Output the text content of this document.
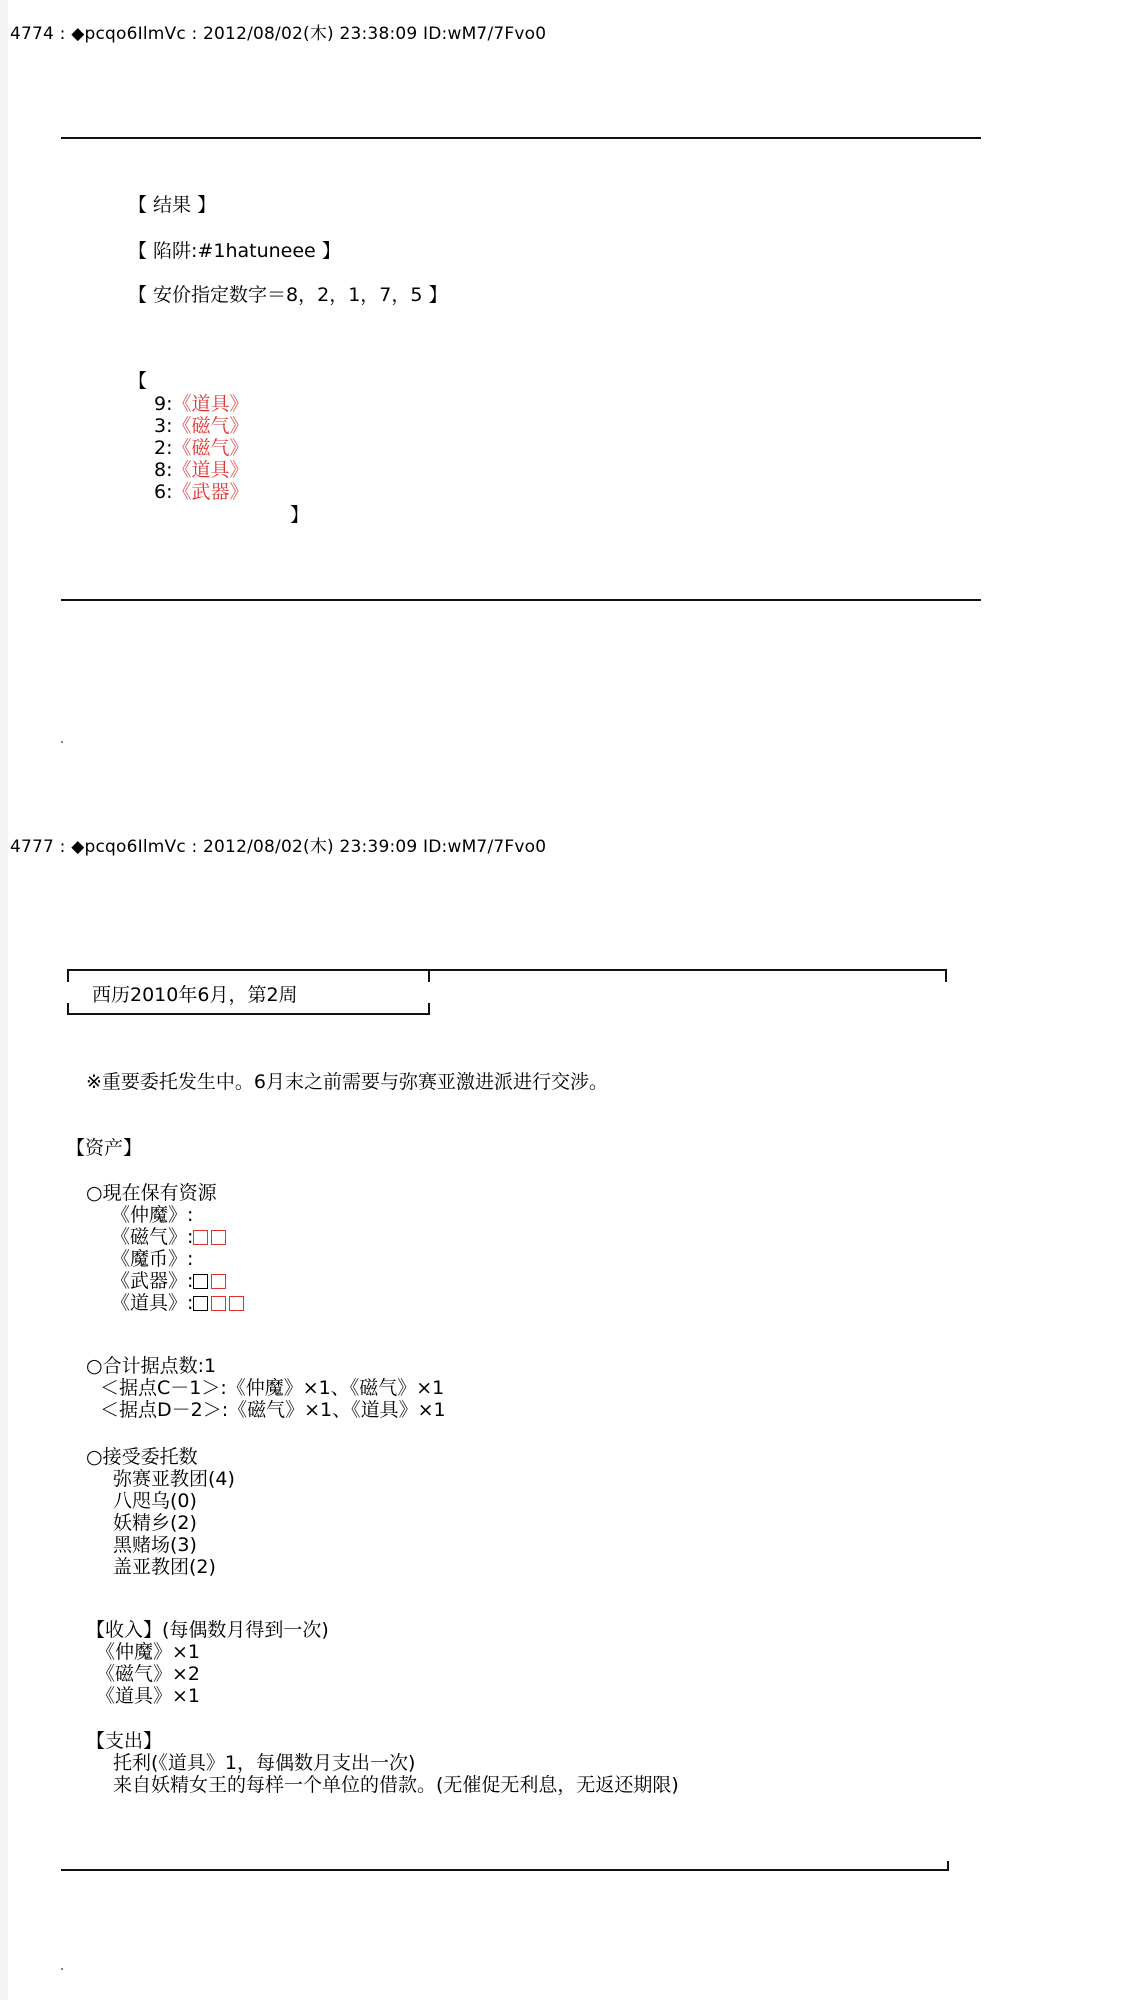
4774 : ◆pcqo6IlmVc : 2012/08/02(木) 23:38:09 ID:wM7/7Fvo0
【 结果 】
【 陷阱:#1hatuneee 】
【 安价指定数字＝8，2，1，7，5 】
【
9:《道具》
3:《磁气》
2:《磁气》
8:《道具》
6:《武器》
】
4777 : ◆pcqo6IlmVc : 2012/08/02(木) 23:39:09 ID:wM7/7Fvo0
西历2010年6月，第2周
※重要委托发生中。6月末之前需要与弥赛亚激进派进行交涉。
【资产】
○現在保有资源
《仲魔》:
《磁气》:
《魔币》:
《武器》:
《道具》:
○合计据点数:1
＜据点C－1＞:《仲魔》×1、《磁气》×1
＜据点D－2＞:《磁气》×1、《道具》×1
○接受委托数
弥赛亚教团(4)
八咫乌(0)
妖精乡(2)
黑赌场(3)
盖亚教团(2)
【收入】(每偶数月得到一次)
《仲魔》×1
《磁气》×2
《道具》×1
【支出】
托利(《道具》1，每偶数月支出一次)
来自妖精女王的每样一个单位的借款。(无催促无利息，无返还期限)
